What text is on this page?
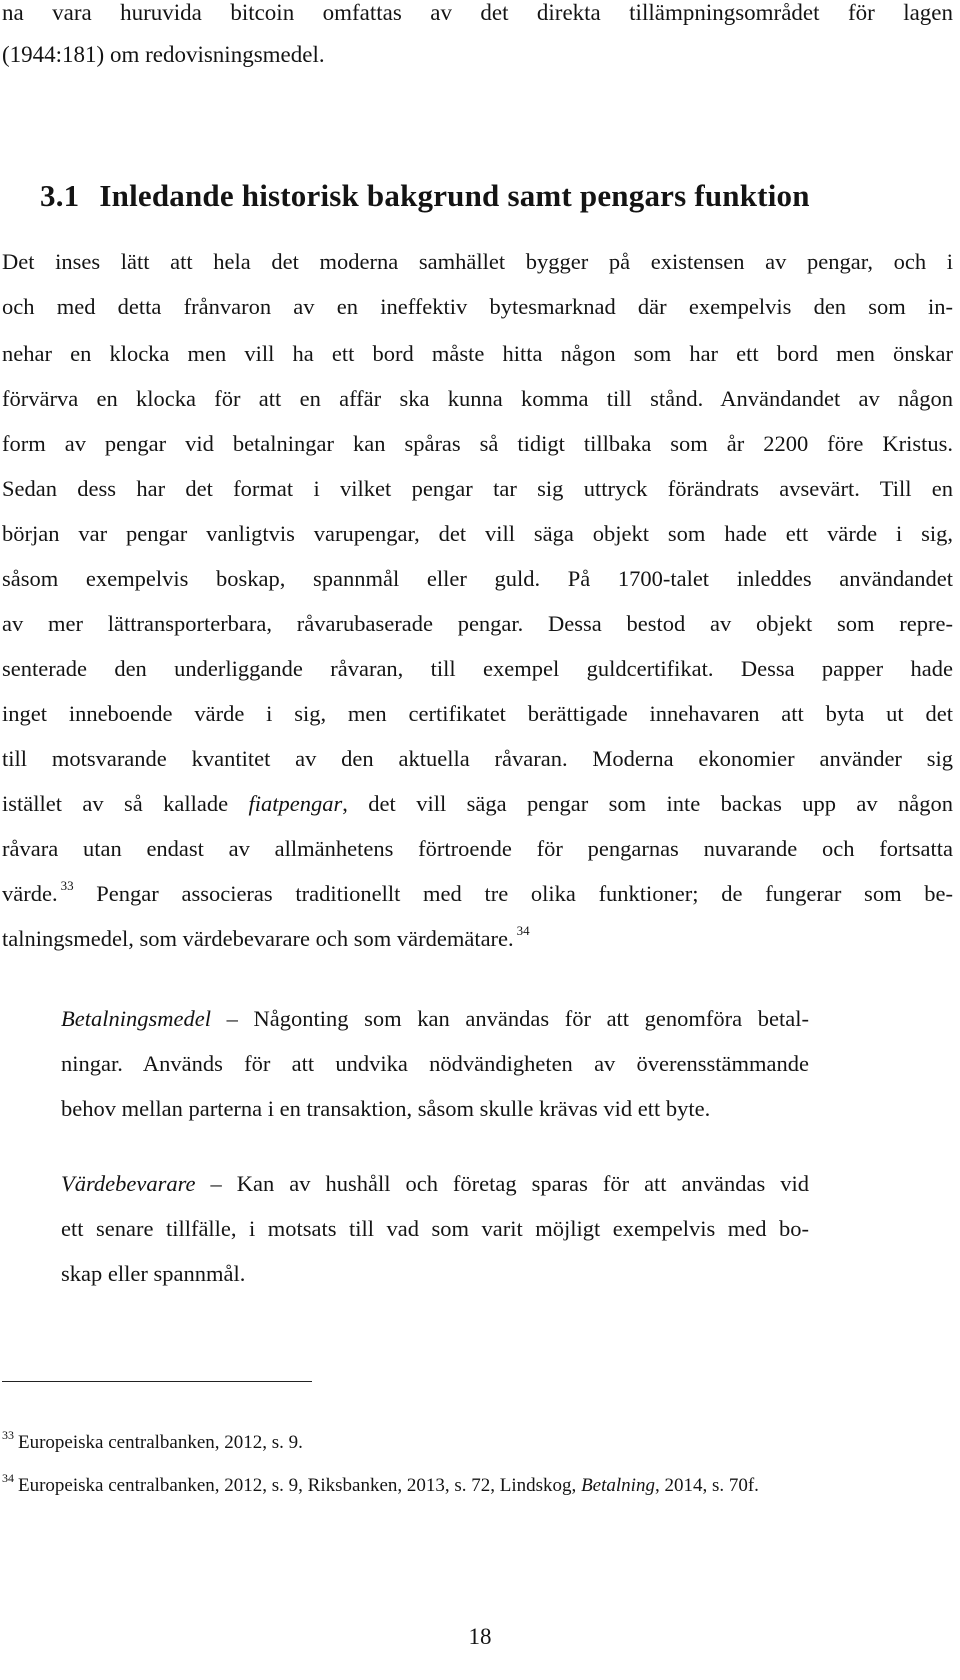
na vara huruvida bitcoin omfattas av det direkta tillämpningsområdet för lagen
(1944:181) om redovisningsmedel.
3.1 Inledande historisk bakgrund samt pengars funktion
Det inses lätt att hela det moderna samhället bygger på existensen av pengar, och i
och med detta frånvaron av en ineffektiv bytesmarknad där exempelvis den som in-
nehar en klocka men vill ha ett bord måste hitta någon som har ett bord men önskar
förvärva en klocka för att en affär ska kunna komma till stånd. Användandet av någon
form av pengar vid betalningar kan spåras så tidigt tillbaka som år 2200 före Kristus.
Sedan dess har det format i vilket pengar tar sig uttryck förändrats avsevärt. Till en
början var pengar vanligtvis varupengar, det vill säga objekt som hade ett värde i sig,
såsom exempelvis boskap, spannmål eller guld. På 1700-talet inleddes användandet
av mer lättransporterbara, råvarubaserade pengar. Dessa bestod av objekt som repre-
senterade den underliggande råvaran, till exempel guldcertifikat. Dessa papper hade
inget inneboende värde i sig, men certifikatet berättigade innehavaren att byta ut det
till motsvarande kvantitet av den aktuella råvaran. Moderna ekonomier använder sig
istället av så kallade fiatpengar, det vill säga pengar som inte backas upp av någon
råvara utan endast av allmänhetens förtroende för pengarnas nuvarande och fortsatta
värde. $^{33}$ Pengar associeras traditionellt med tre olika funktioner; de fungerar som be-
talningsmedel, som värdebevarare och som värdemätare. $^{34}$
Betalningsmedel – Någonting som kan användas för att genomföra betal-
ningar. Används för att undvika nödvändigheten av överensstämmande
behov mellan parterna i en transaktion, såsom skulle krävas vid ett byte.
Värdebevarare – Kan av hushåll och företag sparas för att användas vid
ett senare tillfälle, i motsats till vad som varit möjligt exempelvis med bo-
skap eller spannmål.
$^{33}$ Europeiska centralbanken, 2012, s. 9.
$^{34}$ Europeiska centralbanken, 2012, s. 9, Riksbanken, 2013, s. 72, Lindskog, Betalning, 2014, s. 70f.
18
